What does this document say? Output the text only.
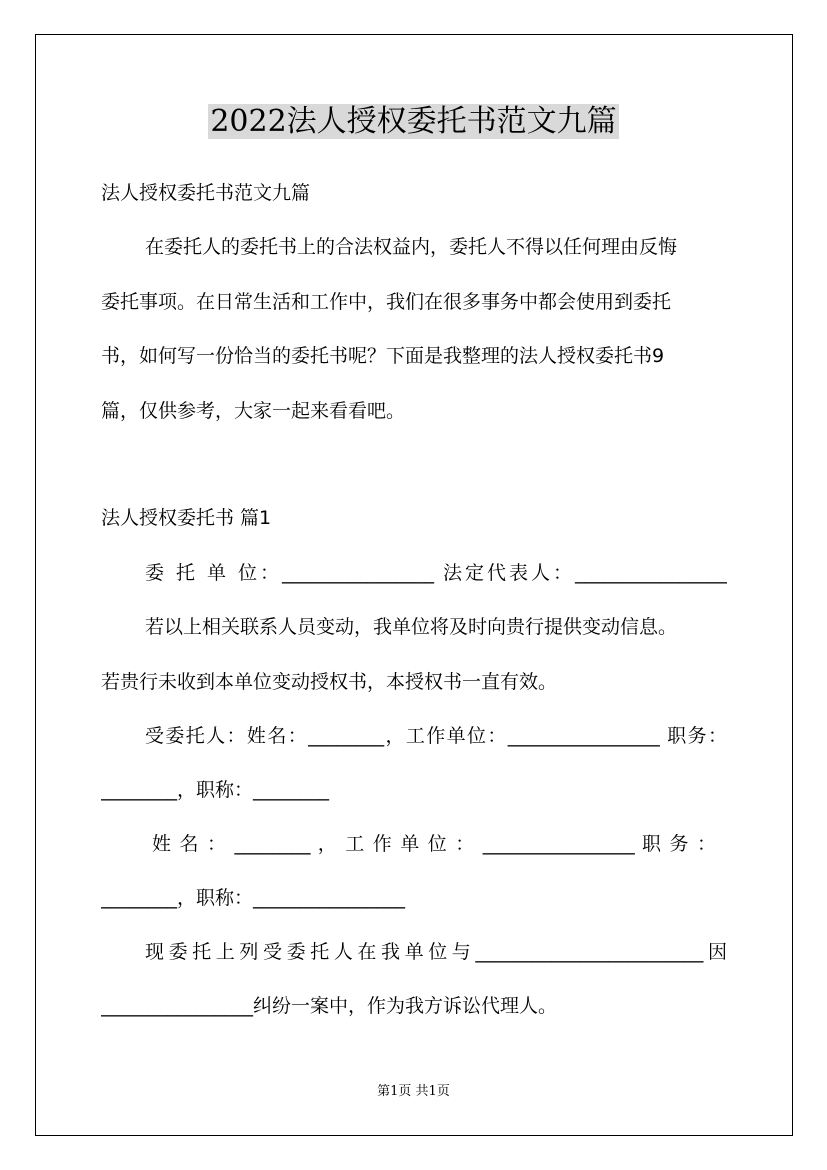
2022法人授权委托书范文九篇
法人授权委托书范文九篇
在委托人的委托书上的合法权益内，委托人不得以任何理由反悔
委托事项。在日常生活和工作中，我们在很多事务中都会使用到委托
书，如何写一份恰当的委托书呢？下面是我整理的法人授权委托书9
篇，仅供参考，大家一起来看看吧。
法人授权委托书 篇1
委 托 单 位：________________ 法定代表人：________________
若以上相关联系人员变动，我单位将及时向贵行提供变动信息。
若贵行未收到本单位变动授权书，本授权书一直有效。
受委托人：姓名：________，工作单位：________________ 职务：
________，职称：________
姓 名 ： ________ ， 工 作 单 位 ： ________________ 职 务 ：
________，职称：________________
现委托上列受委托人在我单位与________________________因
________________纠纷一案中，作为我方诉讼代理人。
第1页 共1页
